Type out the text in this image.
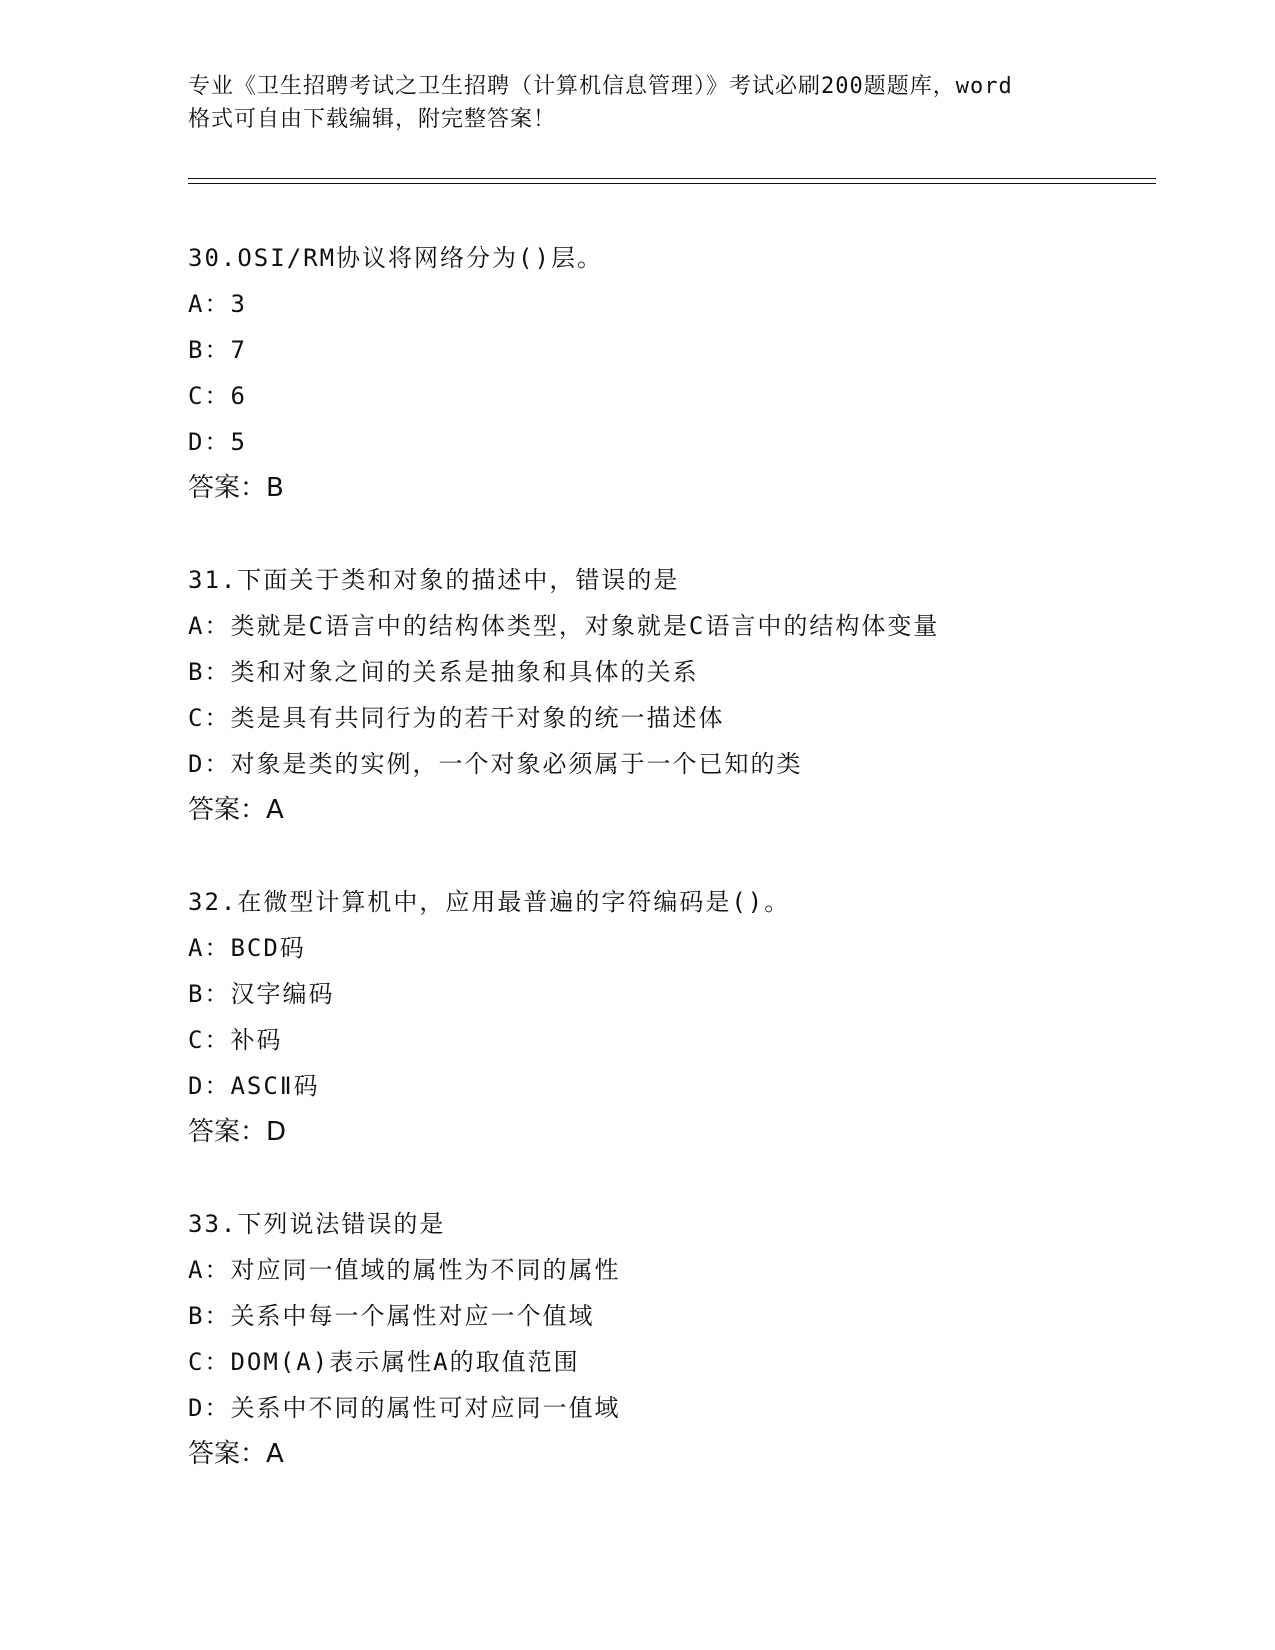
专业《卫生招聘考试之卫生招聘（计算机信息管理）》考试必刷200题题库，word
格式可自由下载编辑，附完整答案！
30.OSI/RM协议将网络分为()层。
A：3
B：7
C：6
D：5
答案：B
31.下面关于类和对象的描述中，错误的是
A：类就是C语言中的结构体类型，对象就是C语言中的结构体变量
B：类和对象之间的关系是抽象和具体的关系
C：类是具有共同行为的若干对象的统一描述体
D：对象是类的实例，一个对象必须属于一个已知的类
答案：A
32.在微型计算机中，应用最普遍的字符编码是()。
A：BCD码
B：汉字编码
C：补码
D：ASCⅡ码
答案：D
33.下列说法错误的是
A：对应同一值域的属性为不同的属性
B：关系中每一个属性对应一个值域
C：DOM(A)表示属性A的取值范围
D：关系中不同的属性可对应同一值域
答案：A
